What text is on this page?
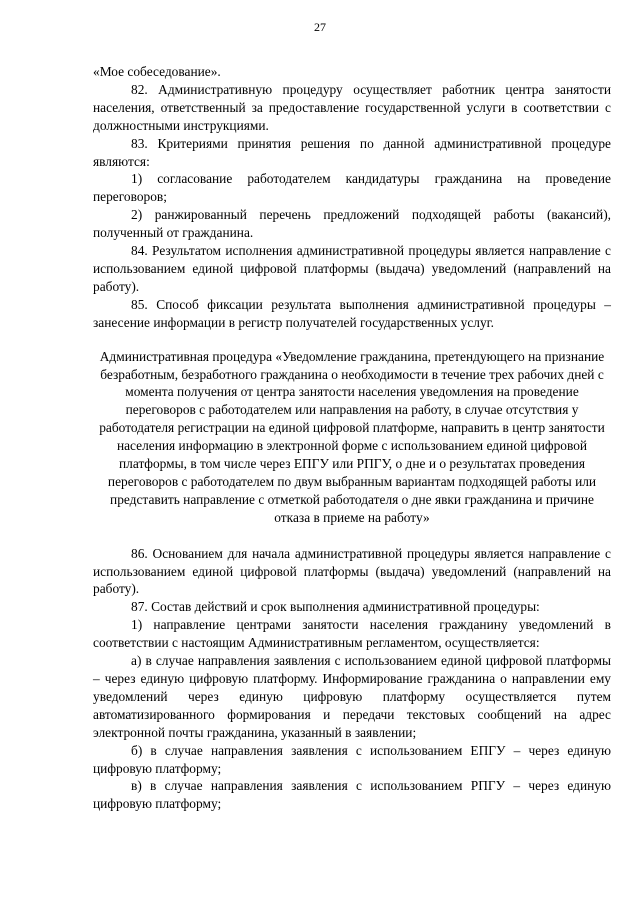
27

«Мое собеседование».

82. Административную процедуру осуществляет работник центра занятости населения, ответственный за предоставление государственной услуги в соответствии с должностными инструкциями.

83. Критериями принятия решения по данной административной процедуре являются:

1) согласование работодателем кандидатуры гражданина на проведение переговоров;

2) ранжированный перечень предложений подходящей работы (вакансий), полученный от гражданина.

84. Результатом исполнения административной процедуры является направление с использованием единой цифровой платформы (выдача) уведомлений (направлений на работу).

85. Способ фиксации результата выполнения административной процедуры – занесение информации в регистр получателей государственных услуг.

Административная процедура «Уведомление гражданина, претендующего на признание безработным, безработного гражданина о необходимости в течение трех рабочих дней с момента получения от центра занятости населения уведомления на проведение переговоров с работодателем или направления на работу, в случае отсутствия у работодателя регистрации на единой цифровой платформе, направить в центр занятости населения информацию в электронной форме с использованием единой цифровой платформы, в том числе через ЕПГУ или РПГУ, о дне и о результатах проведения переговоров с работодателем по двум выбранным вариантам подходящей работы или представить направление с отметкой работодателя о дне явки гражданина и причине отказа в приеме на работу»

86. Основанием для начала административной процедуры является направление с использованием единой цифровой платформы (выдача) уведомлений (направлений на работу).

87. Состав действий и срок выполнения административной процедуры:

1) направление центрами занятости населения гражданину уведомлений в соответствии с настоящим Административным регламентом, осуществляется:

а) в случае направления заявления с использованием единой цифровой платформы – через единую цифровую платформу. Информирование гражданина о направлении ему уведомлений через единую цифровую платформу осуществляется путем автоматизированного формирования и передачи текстовых сообщений на адрес электронной почты гражданина, указанный в заявлении;

б) в случае направления заявления с использованием ЕПГУ – через единую цифровую платформу;

в) в случае направления заявления с использованием РПГУ – через единую цифровую платформу;
